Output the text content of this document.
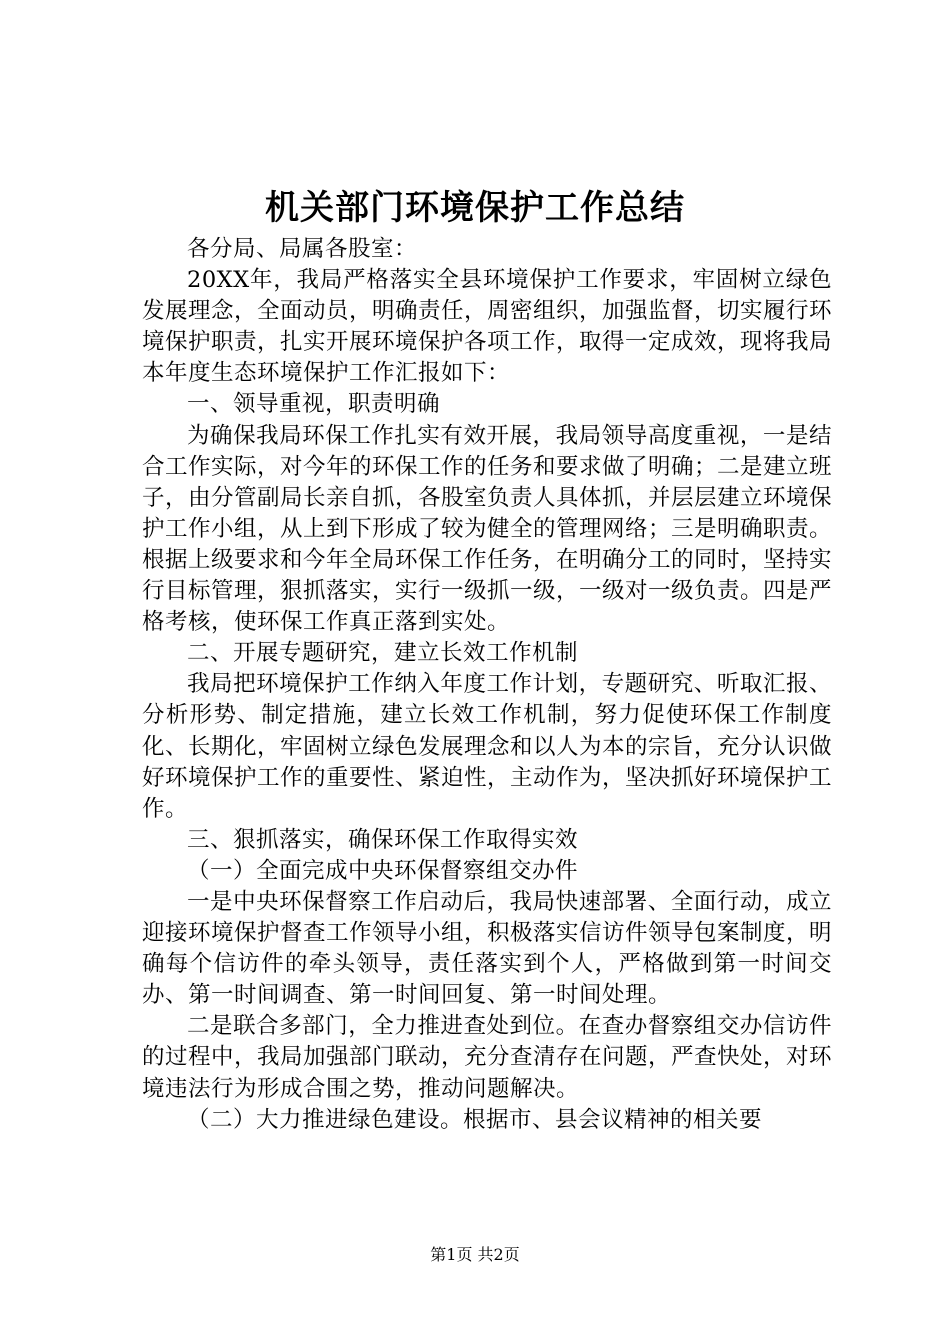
机关部门环境保护工作总结

各分局、局属各股室：

20XX年，我局严格落实全县环境保护工作要求，牢固树立绿色发展理念，全面动员，明确责任，周密组织，加强监督，切实履行环境保护职责，扎实开展环境保护各项工作，取得一定成效，现将我局本年度生态环境保护工作汇报如下：

一、领导重视，职责明确

为确保我局环保工作扎实有效开展，我局领导高度重视，一是结合工作实际，对今年的环保工作的任务和要求做了明确；二是建立班子，由分管副局长亲自抓，各股室负责人具体抓，并层层建立环境保护工作小组，从上到下形成了较为健全的管理网络；三是明确职责。根据上级要求和今年全局环保工作任务，在明确分工的同时，坚持实行目标管理，狠抓落实，实行一级抓一级，一级对一级负责。四是严格考核，使环保工作真正落到实处。

二、开展专题研究，建立长效工作机制

我局把环境保护工作纳入年度工作计划，专题研究、听取汇报、分析形势、制定措施，建立长效工作机制，努力促使环保工作制度化、长期化，牢固树立绿色发展理念和以人为本的宗旨，充分认识做好环境保护工作的重要性、紧迫性，主动作为，坚决抓好环境保护工作。

三、狠抓落实，确保环保工作取得实效

（一）全面完成中央环保督察组交办件

一是中央环保督察工作启动后，我局快速部署、全面行动，成立迎接环境保护督查工作领导小组，积极落实信访件领导包案制度，明确每个信访件的牵头领导，责任落实到个人，严格做到第一时间交办、第一时间调查、第一时间回复、第一时间处理。

二是联合多部门，全力推进查处到位。在查办督察组交办信访件的过程中，我局加强部门联动，充分查清存在问题，严查快处，对环境违法行为形成合围之势，推动问题解决。

（二）大力推进绿色建设。根据市、县会议精神的相关要

第1页 共2页
